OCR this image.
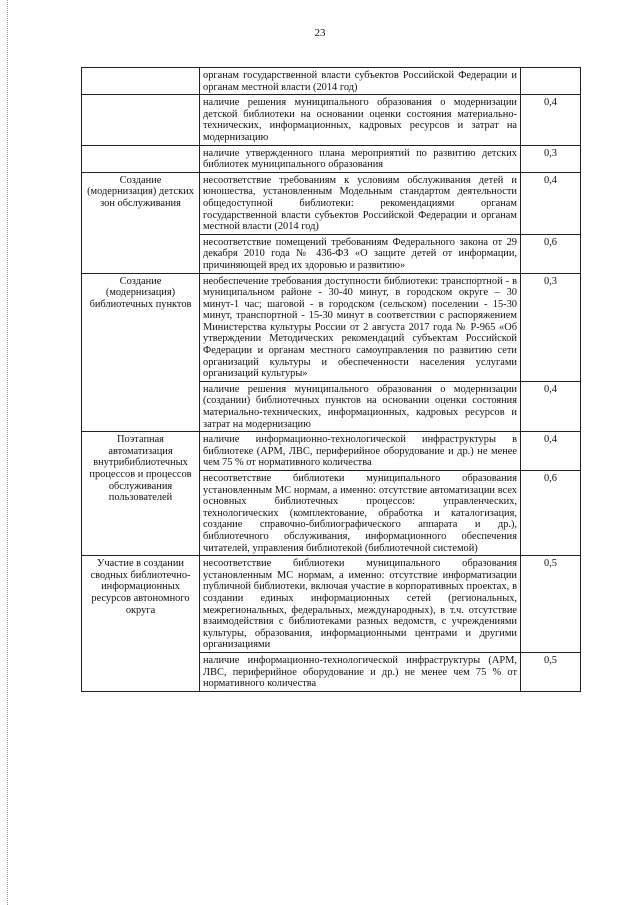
23
	органам государственной власти субъектов Российской Федерации и органам местной власти (2014 год)	
	наличие решения муниципального образования о модернизации детской библиотеки на основании оценки состояния материально-технических, информационных, кадровых ресурсов и затрат на модернизацию	0,4
	наличие утвержденного плана мероприятий по развитию детских библиотек муниципального образования	0,3
Создание (модернизация) детских зон обслуживания	несоответствие требованиям к условиям обслуживания детей и юношества, установленным Модельным стандартом деятельности общедоступной библиотеки: рекомендациями органам государственной власти субъектов Российской Федерации и органам местной власти (2014 год)	0,4
	несоответствие помещений требованиям Федерального закона от 29 декабря 2010 года № 436-ФЗ «О защите детей от информации, причиняющей вред их здоровью и развитию»	0,6
Создание (модернизация) библиотечных пунктов	необеспечение требования доступности библиотеки: транспортной - в муниципальном районе - 30-40 минут, в городском округе – 30 минут-1 час; шаговой - в городском (сельском) поселении - 15-30 минут, транспортной - 15-30 минут в соответствии с распоряжением Министерства культуры России от 2 августа 2017 года № Р-965 «Об утверждении Методических рекомендаций субъектам Российской Федерации и органам местного самоуправления по развитию сети организаций культуры и обеспеченности населения услугами организаций культуры»	0,3
	наличие решения муниципального образования о модернизации (создании) библиотечных пунктов на основании оценки состояния материально-технических, информационных, кадровых ресурсов и затрат на модернизацию	0,4
Поэтапная автоматизация внутрибиблиотечных процессов и процессов обслуживания пользователей	наличие информационно-технологической инфраструктуры в библиотеке (АРМ, ЛВС, периферийное оборудование и др.) не менее чем 75 % от нормативного количества	0,4
	несоответствие библиотеки муниципального образования установленным МС нормам, а именно: отсутствие автоматизации всех основных библиотечных процессов: управленческих, технологических (комплектование, обработка и каталогизация, создание справочно-библиографического аппарата и др.), библиотечного обслуживания, информационного обеспечения читателей, управления библиотекой (библиотечной системой)	0,6
Участие в создании сводных библиотечно-информационных ресурсов автономного округа	несоответствие библиотеки муниципального образования установленным МС нормам, а именно: отсутствие информатизации публичной библиотеки, включая участие в корпоративных проектах, в создании единых информационных сетей (региональных, межрегиональных, федеральных, международных), в т.ч. отсутствие взаимодействия с библиотеками разных ведомств, с учреждениями культуры, образования, информационными центрами и другими организациями	0,5
	наличие информационно-технологической инфраструктуры (АРМ, ЛВС, периферийное оборудование и др.) не менее чем 75 % от нормативного количества	0,5
